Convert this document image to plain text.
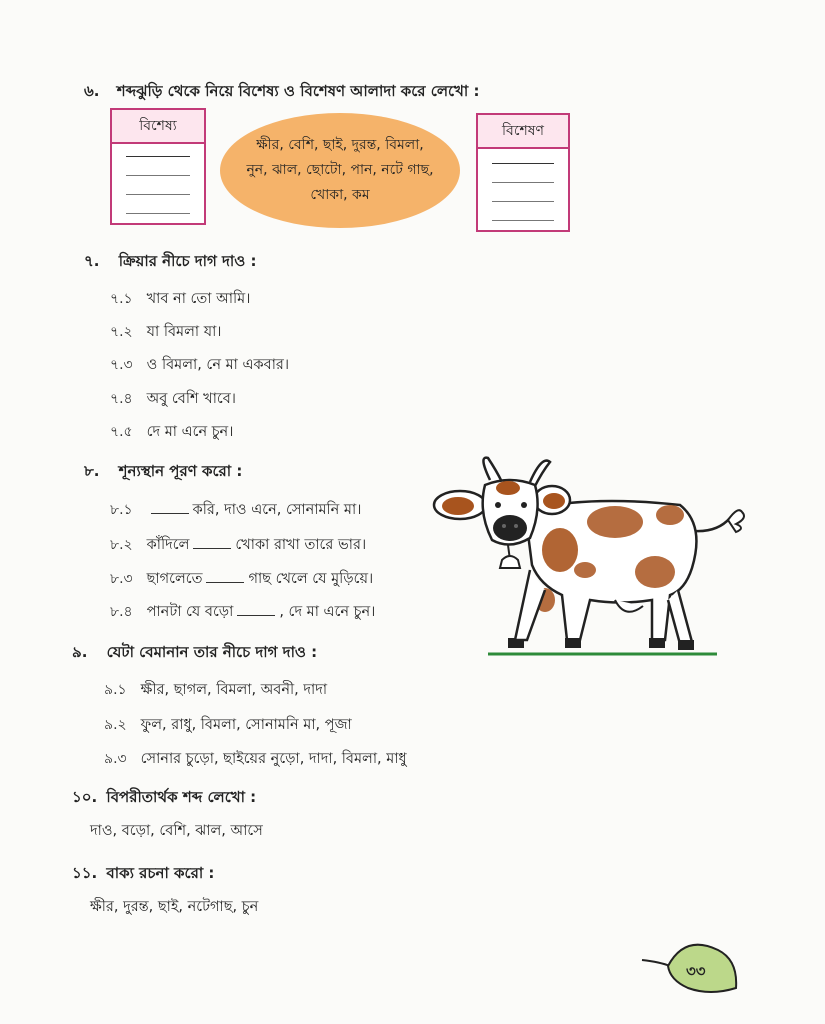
৬. শব্দঝুড়ি থেকে নিয়ে বিশেষ্য ও বিশেষণ আলাদা করে লেখো :
বিশেষ্য
ক্ষীর, বেশি, ছাই, দুরন্ত, বিমলা,
নুন, ঝাল, ছোটো, পান, নটে গাছ,
খোকা, কম
বিশেষণ
৭. ক্রিয়ার নীচে দাগ দাও :
৭.১ খাব না তো আমি।
৭.২ যা বিমলা যা।
৭.৩ ও বিমলা, নে মা একবার।
৭.৪ অবু বেশি খাবে।
৭.৫ দে মা এনে চুন।
৮. শূন্যস্থান পূরণ করো :
৮.১	করি, দাও এনে, সোনামনি মা।
৮.২ কাঁদিলে	খোকা রাখা তারে ভার।
৮.৩ ছাগলেতে	গাছ খেলে যে মুড়িয়ে।
৮.৪ পানটা যে বড়ো	, দে মা এনে চুন।
৯. যেটা বেমানান তার নীচে দাগ দাও :
৯.১ ক্ষীর, ছাগল, বিমলা, অবনী, দাদা
৯.২ ফুল, রাধু, বিমলা, সোনামনি মা, পূজা
৯.৩ সোনার চুড়ো, ছাইয়ের নুড়ো, দাদা, বিমলা, মাধু
১০. বিপরীতার্থক শব্দ লেখো :
দাও, বড়ো, বেশি, ঝাল, আসে
১১. বাক্য রচনা করো :
ক্ষীর, দুরন্ত, ছাই, নটেগাছ, চুন
৩৩
